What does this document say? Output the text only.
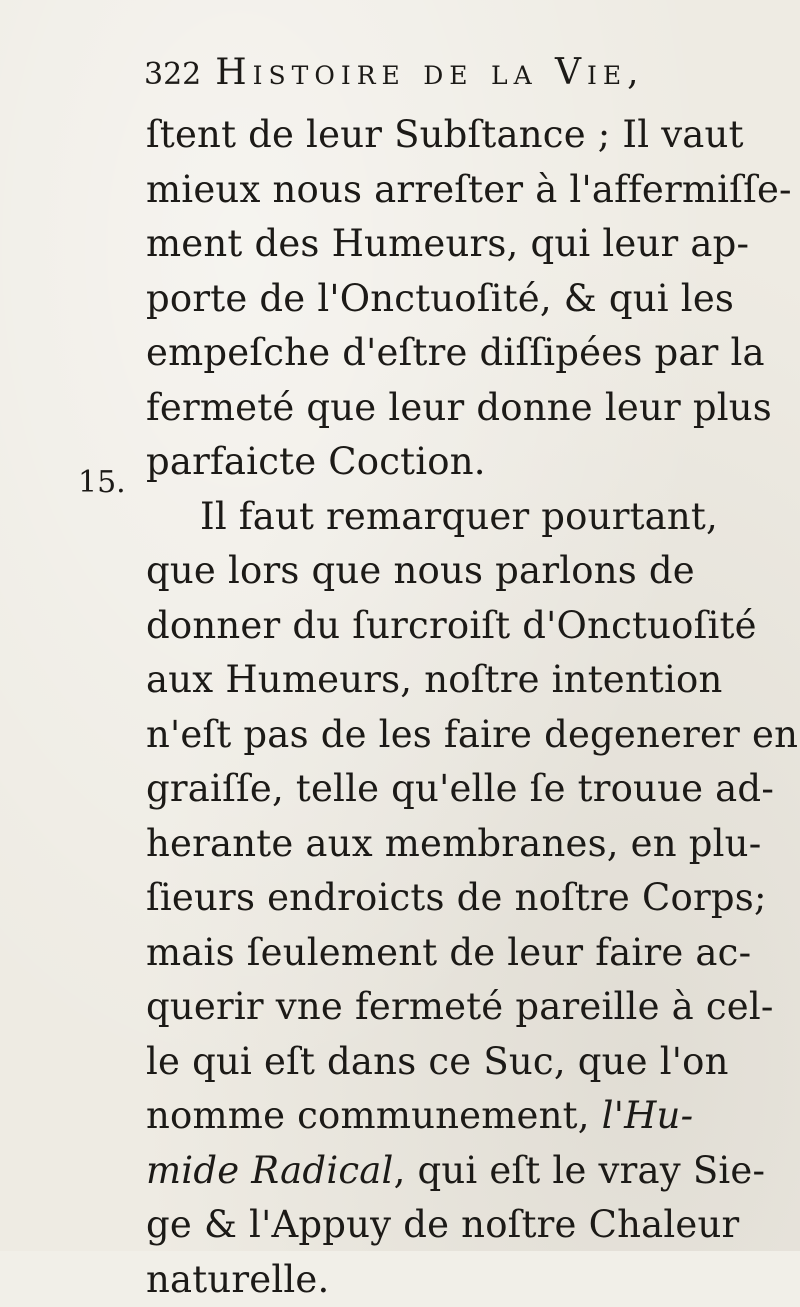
322 Histoire de la Vie,
15.
ſtent de leur Subſtance ; Il vaut
mieux nous arreſter à l'affermiſſe-
ment des Humeurs, qui leur ap-
porte de l'Onctuoſité, & qui les
empeſche d'eſtre diſſipées par la
fermeté que leur donne leur plus
parfaicte Coction.
Il faut remarquer pourtant,
que lors que nous parlons de
donner du ſurcroiſt d'Onctuoſité
aux Humeurs, noſtre intention
n'eſt pas de les faire degenerer en
graiſſe, telle qu'elle ſe trouue ad-
herante aux membranes, en plu-
ſieurs endroicts de noſtre Corps;
mais ſeulement de leur faire ac-
querir vne fermeté pareille à cel-
le qui eſt dans ce Suc, que l'on
nomme communement, l'Hu-
mide Radical, qui eſt le vray Sie-
ge & l'Appuy de noſtre Chaleur
naturelle.
